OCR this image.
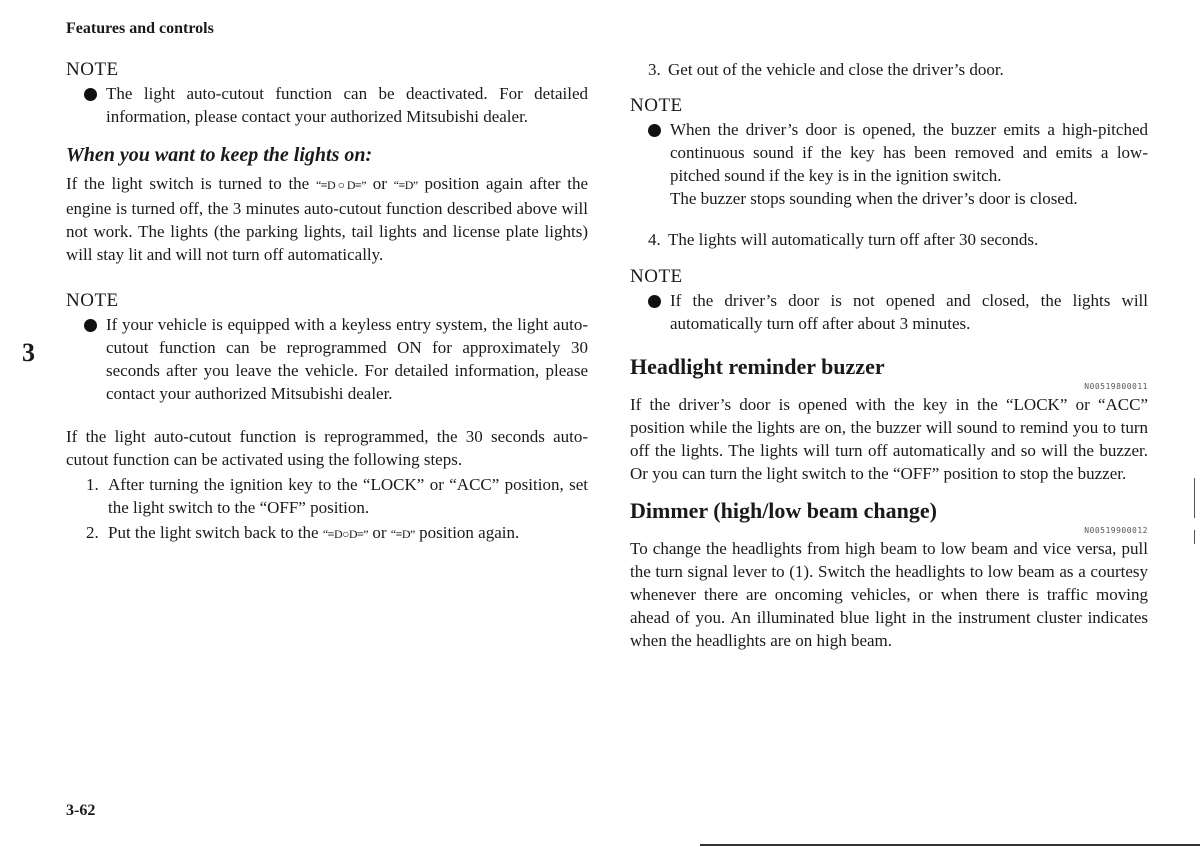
Features and controls
3
NOTE
The light auto-cutout function can be deactivated. For detailed information, please contact your authorized Mitsubishi dealer.
When you want to keep the lights on:

If the light switch is turned to the “≡D○D≡” or “≡D” position again after the engine is turned off, the 3 minutes auto-cutout function described above will not work. The lights (the parking lights, tail lights and license plate lights) will stay lit and will not turn off automatically.

NOTE
If your vehicle is equipped with a keyless entry system, the light auto-cutout function can be reprogrammed ON for approximately 30 seconds after you leave the vehicle. For detailed information, please contact your authorized Mitsubishi dealer.

If the light auto-cutout function is reprogrammed, the 30 seconds auto-cutout function can be activated using the following steps.

1. After turning the ignition key to the “LOCK” or “ACC” position, set the light switch to the “OFF” position.
2. Put the light switch back to the “≡D○D≡” or “≡D” position again.
3. Get out of the vehicle and close the driver’s door.
NOTE
When the driver’s door is opened, the buzzer emits a high-pitched continuous sound if the key has been removed and emits a low-pitched sound if the key is in the ignition switch.
The buzzer stops sounding when the driver’s door is closed.
4. The lights will automatically turn off after 30 seconds.
NOTE
If the driver’s door is not opened and closed, the lights will automatically turn off after about 3 minutes.
Headlight reminder buzzer
N00519800011

If the driver’s door is opened with the key in the “LOCK” or “ACC” position while the lights are on, the buzzer will sound to remind you to turn off the lights. The lights will turn off automatically and so will the buzzer. Or you can turn the light switch to the “OFF” position to stop the buzzer.

Dimmer (high/low beam change)
N00519900012

To change the headlights from high beam to low beam and vice versa, pull the turn signal lever to (1). Switch the headlights to low beam as a courtesy whenever there are oncoming vehicles, or when there is traffic moving ahead of you. An illuminated blue light in the instrument cluster indicates when the headlights are on high beam.

3-62
